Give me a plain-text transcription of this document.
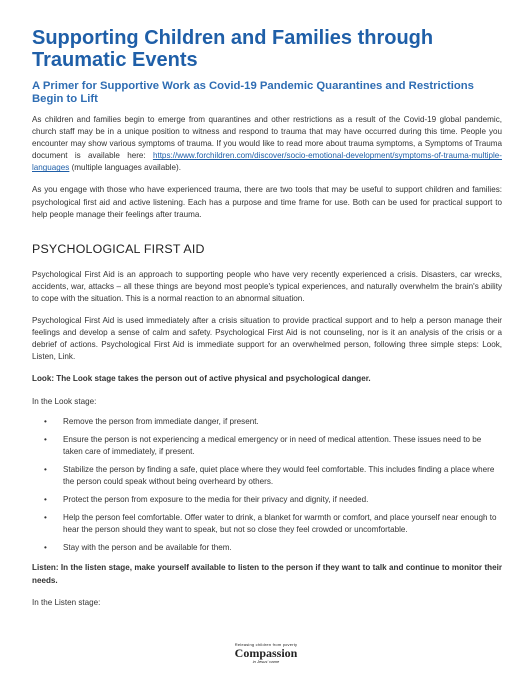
Supporting Children and Families through Traumatic Events
A Primer for Supportive Work as Covid-19 Pandemic Quarantines and Restrictions Begin to Lift

As children and families begin to emerge from quarantines and other restrictions as a result of the Covid-19 global pandemic, church staff may be in a unique position to witness and respond to trauma that may have occurred during this time. People you encounter may show various symptoms of trauma. If you would like to read more about trauma symptoms, a Symptoms of Trauma document is available here: https://www.forchildren.com/discover/socio-emotional-development/symptoms-of-trauma-multiple-languages (multiple languages available).

As you engage with those who have experienced trauma, there are two tools that may be useful to support children and families: psychological first aid and active listening. Each has a purpose and time frame for use. Both can be used for practical support to help people manage their feelings after trauma.

PSYCHOLOGICAL FIRST AID

Psychological First Aid is an approach to supporting people who have very recently experienced a crisis. Disasters, car wrecks, accidents, war, attacks – all these things are beyond most people's typical experiences, and naturally overwhelm the brain's ability to cope with the situation. This is a normal reaction to an abnormal situation.

Psychological First Aid is used immediately after a crisis situation to provide practical support and to help a person manage their feelings and develop a sense of calm and safety. Psychological First Aid is not counseling, nor is it an analysis of the crisis or a debrief of actions. Psychological First Aid is immediate support for an overwhelmed person, following three simple steps: Look, Listen, Link.

Look: The Look stage takes the person out of active physical and psychological danger.

In the Look stage:

• Remove the person from immediate danger, if present.
• Ensure the person is not experiencing a medical emergency or in need of medical attention. These issues need to be taken care of immediately, if present.
• Stabilize the person by finding a safe, quiet place where they would feel comfortable. This includes finding a place where the person could speak without being overheard by others.
• Protect the person from exposure to the media for their privacy and dignity, if needed.
• Help the person feel comfortable. Offer water to drink, a blanket for warmth or comfort, and place yourself near enough to hear the person should they want to speak, but not so close they feel crowded or uncomfortable.
• Stay with the person and be available for them.

Listen: In the listen stage, make yourself available to listen to the person if they want to talk and continue to monitor their needs.

In the Listen stage:

Releasing children from poverty
Compassion
in Jesus' name
